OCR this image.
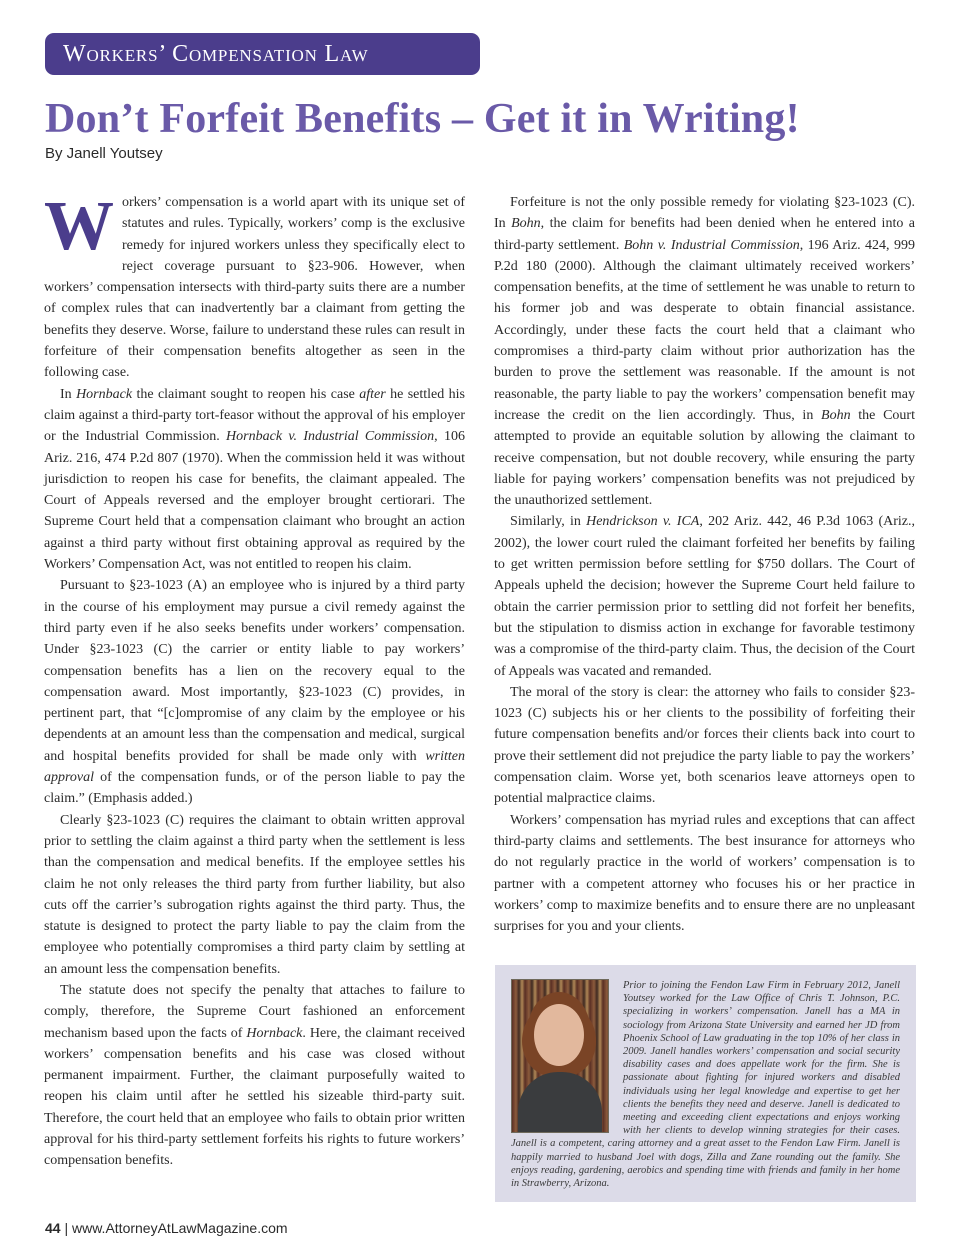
Workers’ Compensation Law
Don’t Forfeit Benefits – Get it in Writing!
By Janell Youtsey

Workers’ compensation is a world apart with its unique set of statutes and rules. Typically, workers’ comp is the exclusive remedy for injured workers unless they specifically elect to reject coverage pursuant to §23-906. However, when workers’ compensation intersects with third-party suits there are a number of complex rules that can inadvertently bar a claimant from getting the benefits they deserve. Worse, failure to understand these rules can result in forfeiture of their compensation benefits altogether as seen in the following case.

In Hornback the claimant sought to reopen his case after he settled his claim against a third-party tort-feasor without the approval of his employer or the Industrial Commission. Hornback v. Industrial Commission, 106 Ariz. 216, 474 P.2d 807 (1970). When the commission held it was without jurisdiction to reopen his case for benefits, the claimant appealed. The Court of Appeals reversed and the employer brought certiorari. The Supreme Court held that a compensation claimant who brought an action against a third party without first obtaining approval as required by the Workers’ Compensation Act, was not entitled to reopen his claim.

Pursuant to §23-1023 (A) an employee who is injured by a third party in the course of his employment may pursue a civil remedy against the third party even if he also seeks benefits under workers’ compensation. Under §23-1023 (C) the carrier or entity liable to pay workers’ compensation benefits has a lien on the recovery equal to the compensation award. Most importantly, §23-1023 (C) provides, in pertinent part, that “[c]ompromise of any claim by the employee or his dependents at an amount less than the compensation and medical, surgical and hospital benefits provided for shall be made only with written approval of the compensation funds, or of the person liable to pay the claim.” (Emphasis added.)

Clearly §23-1023 (C) requires the claimant to obtain written approval prior to settling the claim against a third party when the settlement is less than the compensation and medical benefits. If the employee settles his claim he not only releases the third party from further liability, but also cuts off the carrier’s subrogation rights against the third party. Thus, the statute is designed to protect the party liable to pay the claim from the employee who potentially compromises a third party claim by settling at an amount less the compensation benefits.

The statute does not specify the penalty that attaches to failure to comply, therefore, the Supreme Court fashioned an enforcement mechanism based upon the facts of Hornback. Here, the claimant received workers’ compensation benefits and his case was closed without permanent impairment. Further, the claimant purposefully waited to reopen his claim until after he settled his sizeable third-party suit. Therefore, the court held that an employee who fails to obtain prior written approval for his third-party settlement forfeits his rights to future workers’ compensation benefits.

Forfeiture is not the only possible remedy for violating §23-1023 (C). In Bohn, the claim for benefits had been denied when he entered into a third-party settlement. Bohn v. Industrial Commission, 196 Ariz. 424, 999 P.2d 180 (2000). Although the claimant ultimately received workers’ compensation benefits, at the time of settlement he was unable to return to his former job and was desperate to obtain financial assistance. Accordingly, under these facts the court held that a claimant who compromises a third-party claim without prior authorization has the burden to prove the settlement was reasonable. If the amount is not reasonable, the party liable to pay the workers’ compensation benefit may increase the credit on the lien accordingly. Thus, in Bohn the Court attempted to provide an equitable solution by allowing the claimant to receive compensation, but not double recovery, while ensuring the party liable for paying workers’ compensation benefits was not prejudiced by the unauthorized settlement.

Similarly, in Hendrickson v. ICA, 202 Ariz. 442, 46 P.3d 1063 (Ariz., 2002), the lower court ruled the claimant forfeited her benefits by failing to get written permission before settling for $750 dollars. The Court of Appeals upheld the decision; however the Supreme Court held failure to obtain the carrier permission prior to settling did not forfeit her benefits, but the stipulation to dismiss action in exchange for favorable testimony was a compromise of the third-party claim. Thus, the decision of the Court of Appeals was vacated and remanded.

The moral of the story is clear: the attorney who fails to consider §23-1023 (C) subjects his or her clients to the possibility of forfeiting their future compensation benefits and/or forces their clients back into court to prove their settlement did not prejudice the party liable to pay the workers’ compensation claim. Worse yet, both scenarios leave attorneys open to potential malpractice claims.

Workers’ compensation has myriad rules and exceptions that can affect third-party claims and settlements. The best insurance for attorneys who do not regularly practice in the world of workers’ compensation is to partner with a competent attorney who focuses his or her practice in workers’ comp to maximize benefits and to ensure there are no unpleasant surprises for you and your clients.

Prior to joining the Fendon Law Firm in February 2012, Janell Youtsey worked for the Law Office of Chris T. Johnson, P.C. specializing in workers’ compensation. Janell has a MA in sociology from Arizona State University and earned her JD from Phoenix School of Law graduating in the top 10% of her class in 2009. Janell handles workers’ compensation and social security disability cases and does appellate work for the firm. She is passionate about fighting for injured workers and disabled individuals using her legal knowledge and expertise to get her clients the benefits they need and deserve. Janell is dedicated to meeting and exceeding client expectations and enjoys working with her clients to develop winning strategies for their cases. Janell is a competent, caring attorney and a great asset to the Fendon Law Firm. Janell is happily married to husband Joel with dogs, Zilla and Zane rounding out the family. She enjoys reading, gardening, aerobics and spending time with friends and family in her home in Strawberry, Arizona.

44 | www.AttorneyAtLawMagazine.com
